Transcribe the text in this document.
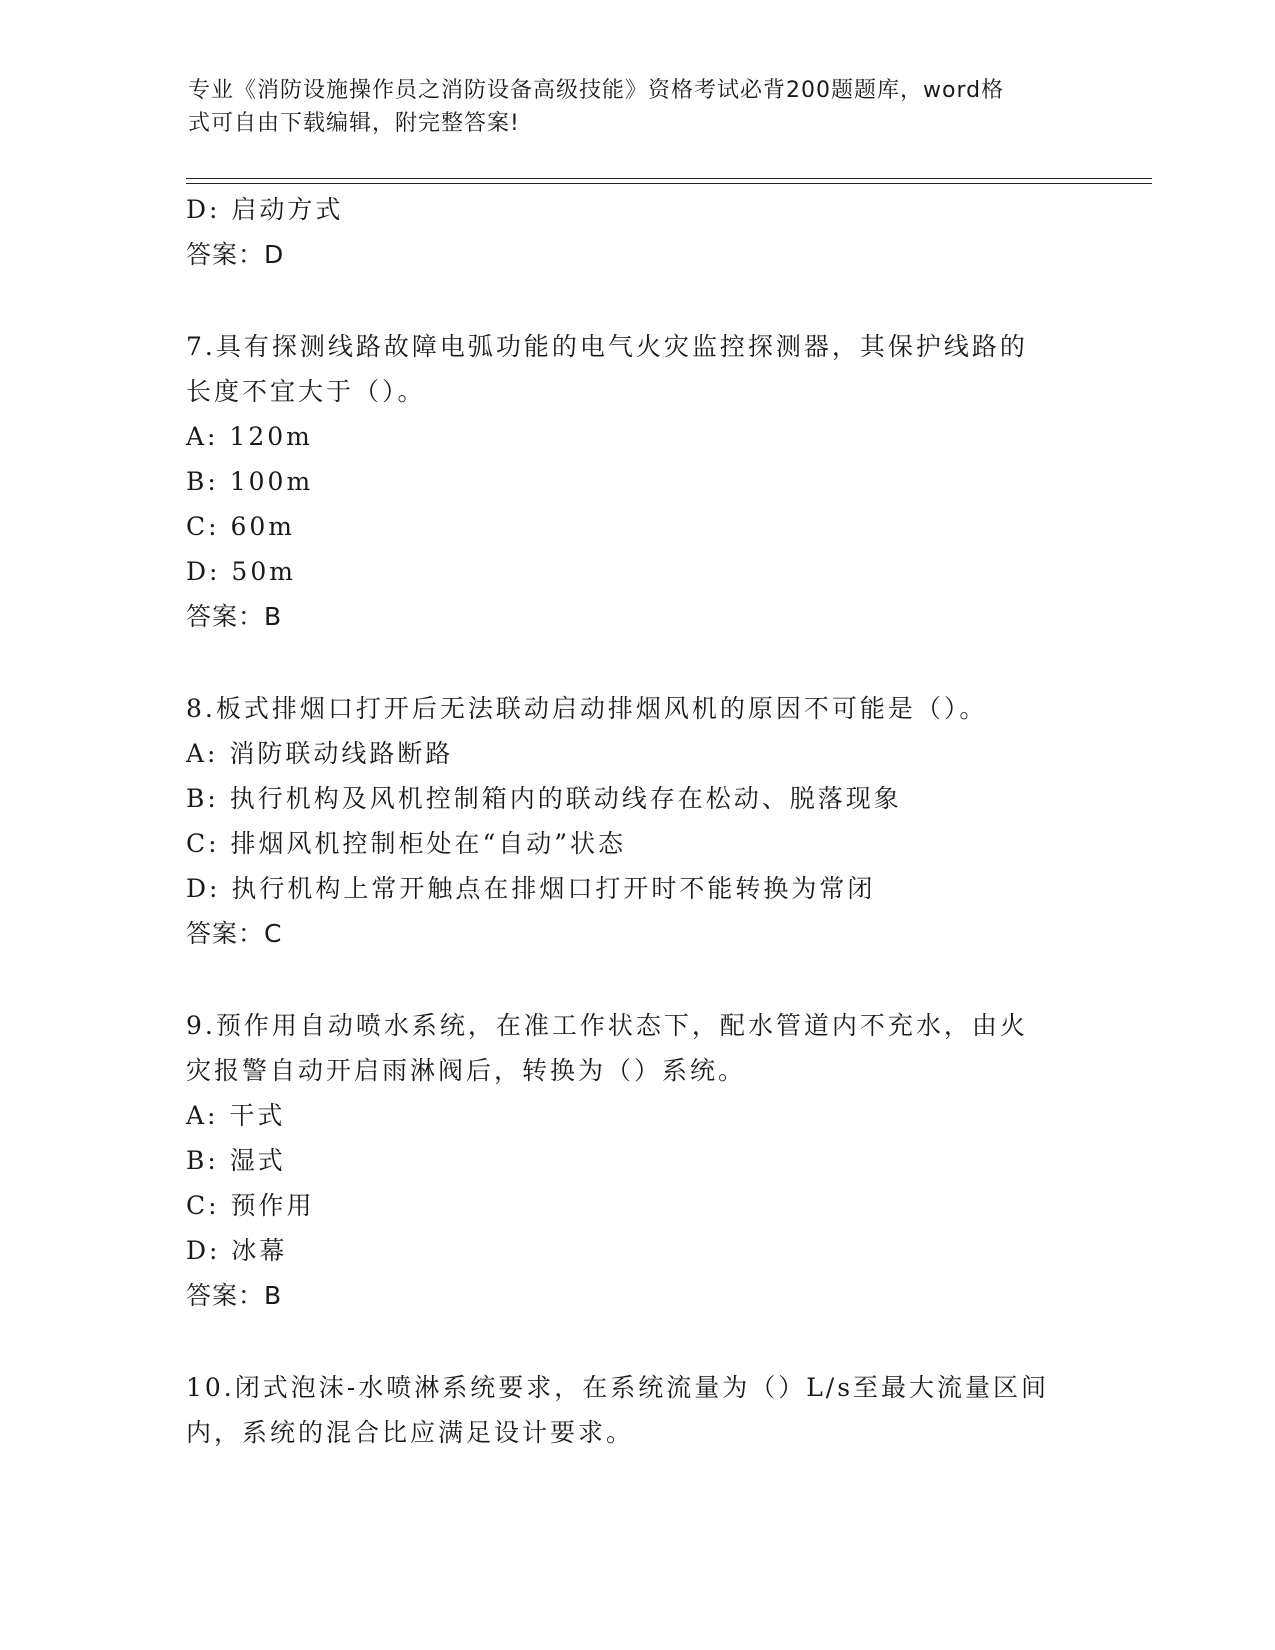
专业《消防设施操作员之消防设备高级技能》资格考试必背200题题库，word格
式可自由下载编辑，附完整答案!
D: 启动方式
答案：D
7.具有探测线路故障电弧功能的电气火灾监控探测器，其保护线路的
长度不宜大于（）。
A: 120m
B: 100m
C: 60m
D: 50m
答案：B
8.板式排烟口打开后无法联动启动排烟风机的原因不可能是（）。
A: 消防联动线路断路
B: 执行机构及风机控制箱内的联动线存在松动、脱落现象
C: 排烟风机控制柜处在“自动”状态
D: 执行机构上常开触点在排烟口打开时不能转换为常闭
答案：C
9.预作用自动喷水系统，在准工作状态下，配水管道内不充水，由火
灾报警自动开启雨淋阀后，转换为（）系统。
A: 干式
B: 湿式
C: 预作用
D: 冰幕
答案：B
10.闭式泡沫-水喷淋系统要求，在系统流量为（）L/s至最大流量区间
内，系统的混合比应满足设计要求。
